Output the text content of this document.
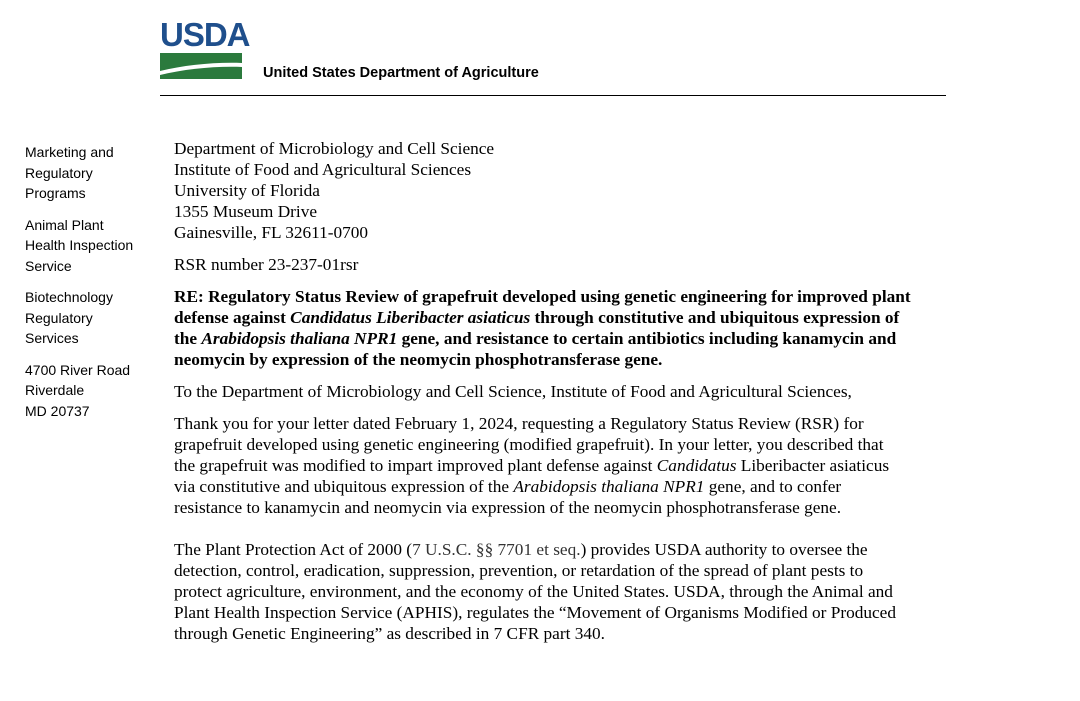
USDA
United States Department of Agriculture
Marketing and
Regulatory
Programs
Animal Plant
Health Inspection
Service
Biotechnology
Regulatory
Services
4700 River Road
Riverdale
MD 20737
Department of Microbiology and Cell Science
Institute of Food and Agricultural Sciences
University of Florida
1355 Museum Drive
Gainesville, FL 32611-0700
RSR number 23-237-01rsr
RE: Regulatory Status Review of grapefruit developed using genetic engineering for improved plant
defense against Candidatus Liberibacter asiaticus through constitutive and ubiquitous expression of
the Arabidopsis thaliana NPR1 gene, and resistance to certain antibiotics including kanamycin and
neomycin by expression of the neomycin phosphotransferase gene.
To the Department of Microbiology and Cell Science, Institute of Food and Agricultural Sciences,
Thank you for your letter dated February 1, 2024, requesting a Regulatory Status Review (RSR) for
grapefruit developed using genetic engineering (modified grapefruit). In your letter, you described that
the grapefruit was modified to impart improved plant defense against Candidatus Liberibacter asiaticus
via constitutive and ubiquitous expression of the Arabidopsis thaliana NPR1 gene, and to confer
resistance to kanamycin and neomycin via expression of the neomycin phosphotransferase gene.
The Plant Protection Act of 2000 (7 U.S.C. §§ 7701 et seq.) provides USDA authority to oversee the
detection, control, eradication, suppression, prevention, or retardation of the spread of plant pests to
protect agriculture, environment, and the economy of the United States. USDA, through the Animal and
Plant Health Inspection Service (APHIS), regulates the “Movement of Organisms Modified or Produced
through Genetic Engineering” as described in 7 CFR part 340.
